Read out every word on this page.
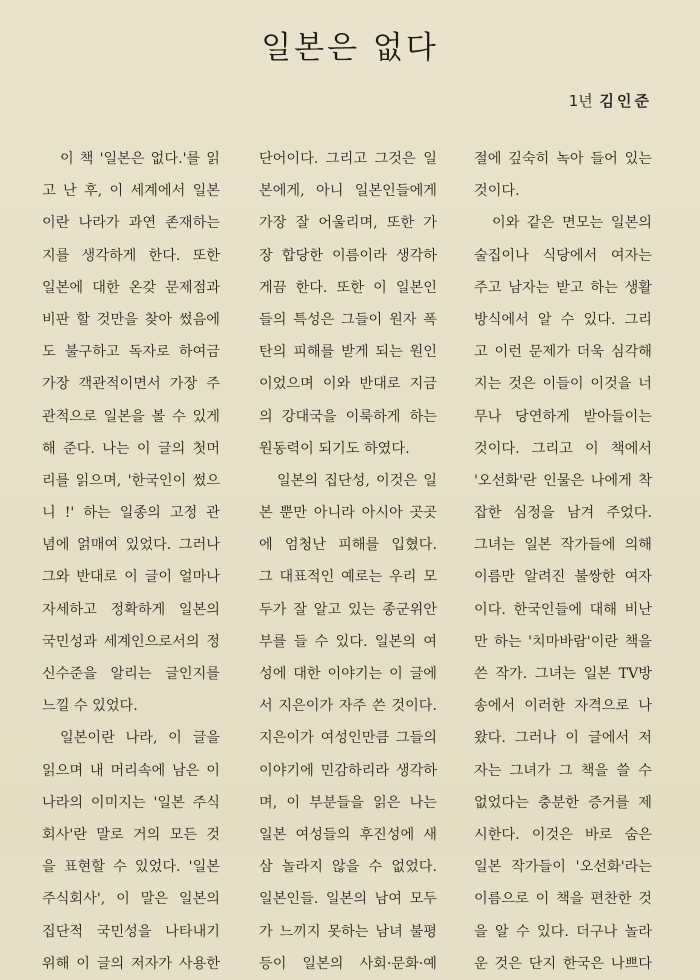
일본은 없다
1년 김인준
이 책 '일본은 없다.'를 읽
고 난 후, 이 세계에서 일본
이란 나라가 과연 존재하는
지를 생각하게 한다. 또한
일본에 대한 온갖 문제점과
비판 할 것만을 찾아 썼음에
도 불구하고 독자로 하여금
가장 객관적이면서 가장 주
관적으로 일본을 볼 수 있게
해 준다. 나는 이 글의 첫머
리를 읽으며, '한국인이 썼으
니 !' 하는 일종의 고정 관
념에 얽매여 있었다. 그러나
그와 반대로 이 글이 얼마나
자세하고 정확하게 일본의
국민성과 세계인으로서의 정
신수준을 알리는 글인지를
느낄 수 있었다.
일본이란 나라, 이 글을
읽으며 내 머리속에 남은 이
나라의 이미지는 '일본 주식
회사'란 말로 거의 모든 것
을 표현할 수 있었다. '일본
주식회사', 이 말은 일본의
집단적 국민성을 나타내기
위해 이 글의 저자가 사용한
단어이다. 그리고 그것은 일
본에게, 아니 일본인들에게
가장 잘 어울리며, 또한 가
장 합당한 이름이라 생각하
게끔 한다. 또한 이 일본인
들의 특성은 그들이 원자 폭
탄의 피해를 받게 되는 원인
이었으며 이와 반대로 지금
의 강대국을 이룩하게 하는
원동력이 되기도 하였다.
일본의 집단성, 이것은 일
본 뿐만 아니라 아시아 곳곳
에 엄청난 피해를 입혔다.
그 대표적인 예로는 우리 모
두가 잘 알고 있는 종군위안
부를 들 수 있다. 일본의 여
성에 대한 이야기는 이 글에
서 지은이가 자주 쓴 것이다.
지은이가 여성인만큼 그들의
이야기에 민감하리라 생각하
며, 이 부분들을 읽은 나는
일본 여성들의 후진성에 새
삼 놀라지 않을 수 없었다.
일본인들. 일본의 남여 모두
가 느끼지 못하는 남녀 불평
등이 일본의 사회·문화·예
절에 깊숙히 녹아 들어 있는
것이다.
이와 같은 면모는 일본의
술집이나 식당에서 여자는
주고 남자는 받고 하는 생활
방식에서 알 수 있다. 그리
고 이런 문제가 더욱 심각해
지는 것은 이들이 이것을 너
무나 당연하게 받아들이는
것이다. 그리고 이 책에서
'오선화'란 인물은 나에게 착
잡한 심정을 남겨 주었다.
그녀는 일본 작가들에 의해
이름만 알려진 불쌍한 여자
이다. 한국인들에 대해 비난
만 하는 '치마바람'이란 책을
쓴 작가. 그녀는 일본 TV방
송에서 이러한 자격으로 나
왔다. 그러나 이 글에서 저
자는 그녀가 그 책을 쓸 수
없었다는 충분한 증거를 제
시한다. 이것은 바로 숨은
일본 작가들이 '오선화'라는
이름으로 이 책을 편찬한 것
을 알 수 있다. 더구나 놀라
운 것은 단지 한국은 나쁘다
